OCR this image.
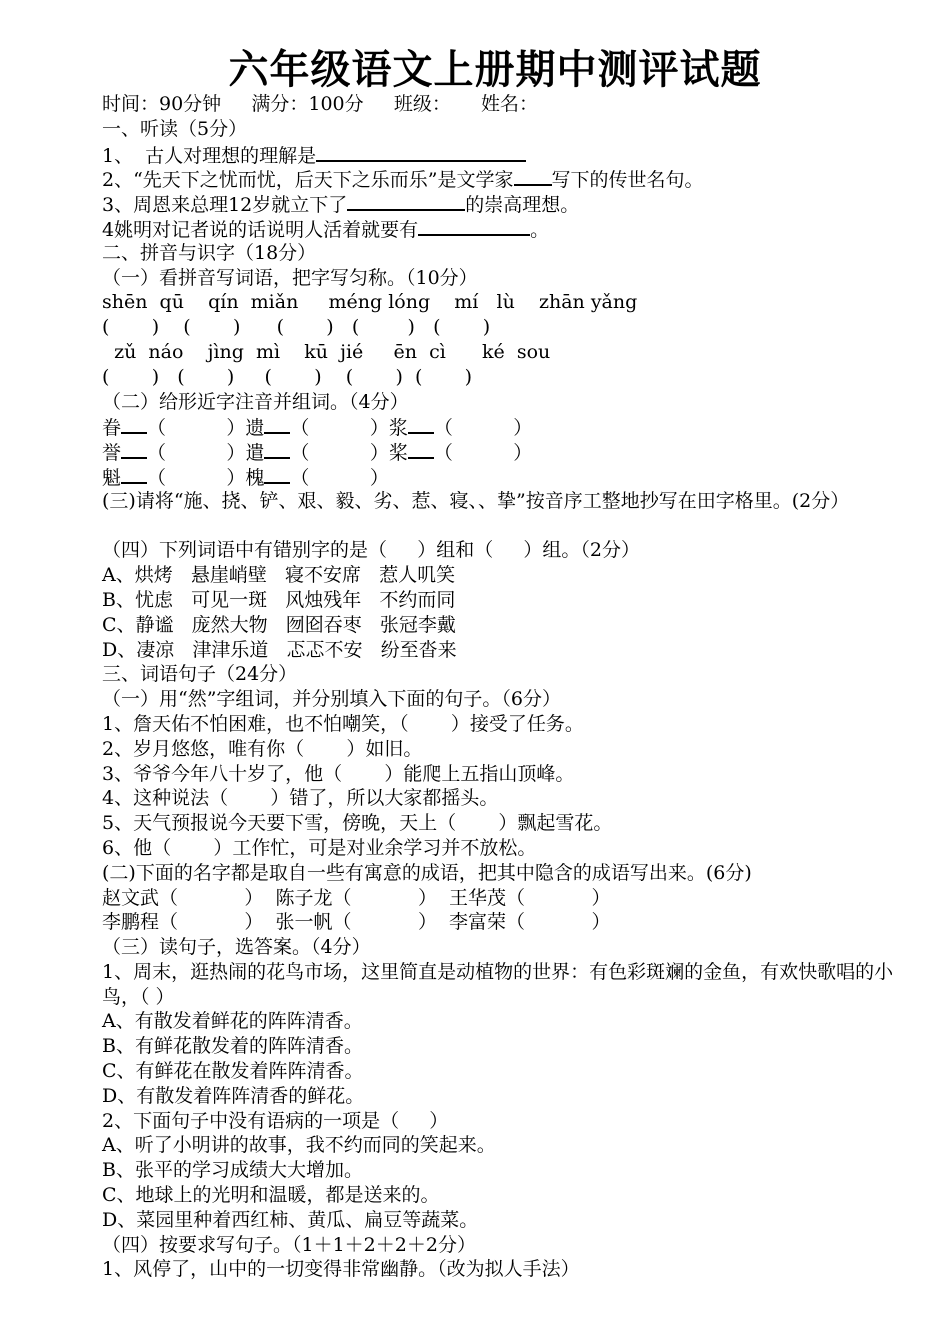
六年级语文上册期中测评试题
时间：90分钟     满分：100分     班级：     姓名：
一、听读（5分）
1、  古人对理想的理解是
2、“先天下之忧而忧，后天下之乐而乐”是文学家 写下的传世名句。
3、周恩来总理12岁就立下了	的崇高理想。
4姚明对记者说的话说明人活着就要有	。
二、拼音与识字（18分）
（一）看拼音写词语，把字写匀称。（10分）
shēn  qū    qín  miǎn     méng lóng    mí   lù    zhān yǎng
(       )    (       )      (       )   (        )   (       )
zǔ  náo    jìng  mì    kū  jié     ēn  cì      ké  sou
(       )   (       )     (       )    (       )  (       )
（二）给形近字注音并组词。（4分）
眷 （          ）遗 （          ）浆 （          ）
誉 （          ）遣 （          ）桨 （          ）
魁 （          ）槐 （          ）
(三)请将“施、挠、铲、艰、毅、劣、惹、寝、、挚”按音序工整地抄写在田字格里。(2分）
（四）下列词语中有错别字的是（     ）组和（     ）组。（2分）
A、烘烤   悬崖峭壁   寝不安席   惹人叽笑
B、忧虑   可见一斑   风烛残年   不约而同
C、静谧   庞然大物   囫囵吞枣   张冠李戴
D、凄凉   津津乐道   忑忑不安   纷至沓来
三、词语句子（24分）
（一）用“然”字组词，并分别填入下面的句子。（6分）
1、詹天佑不怕困难，也不怕嘲笑，（       ）接受了任务。
2、岁月悠悠，唯有你（       ）如旧。
3、爷爷今年八十岁了，他（       ）能爬上五指山顶峰。
4、这种说法（       ）错了，所以大家都摇头。
5、天气预报说今天要下雪，傍晚，天上（       ）飘起雪花。
6、他（       ）工作忙，可是对业余学习并不放松。
(二)下面的名字都是取自一些有寓意的成语，把其中隐含的成语写出来。(6分)
赵文武（           ）  陈子龙（           ）  王华茂（           ）
李鹏程（           ）  张一帆（           ）  李富荣（           ）
（三）读句子，选答案。（4分）
1、周末，逛热闹的花鸟市场，这里简直是动植物的世界：有色彩斑斓的金鱼，有欢快歌唱的小鸟，（ ）
A、有散发着鲜花的阵阵清香。
B、有鲜花散发着的阵阵清香。
C、有鲜花在散发着阵阵清香。
D、有散发着阵阵清香的鲜花。
2、下面句子中没有语病的一项是（     ）
A、听了小明讲的故事，我不约而同的笑起来。
B、张平的学习成绩大大增加。
C、地球上的光明和温暖，都是送来的。
D、菜园里种着西红柿、黄瓜、扁豆等蔬菜。
（四）按要求写句子。（1＋1＋2＋2＋2分）
1、风停了，山中的一切变得非常幽静。（改为拟人手法）
